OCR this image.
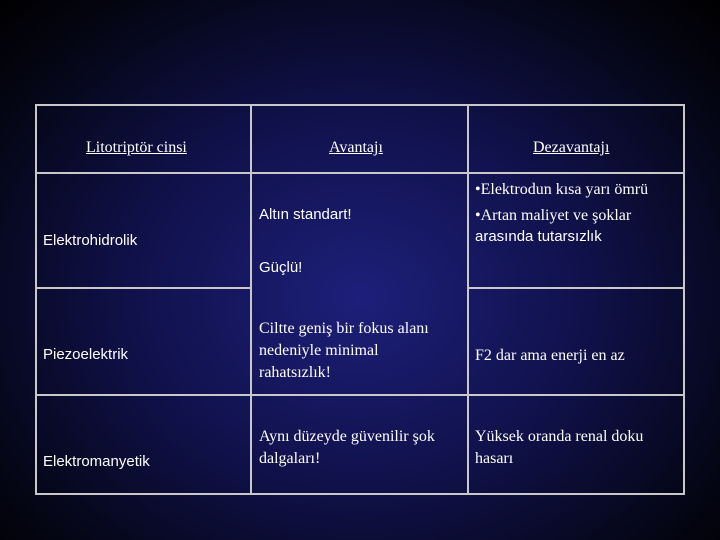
Litotriptör cinsi	Avantajı	Dezavantajı
Elektrohidrolik
Altın standart!
Güçlü!
• Elektrodun kısa yarı ömrü
• Artan maliyet ve şoklar
arasında tutarsızlık
Piezoelektrik
Ciltte geniş bir fokus alanı
nedeniyle minimal
rahatsızlık!
F2 dar ama enerji en az
Elektromanyetik
Aynı düzeyde güvenilir şok
dalgaları!
Yüksek oranda renal doku
hasarı
